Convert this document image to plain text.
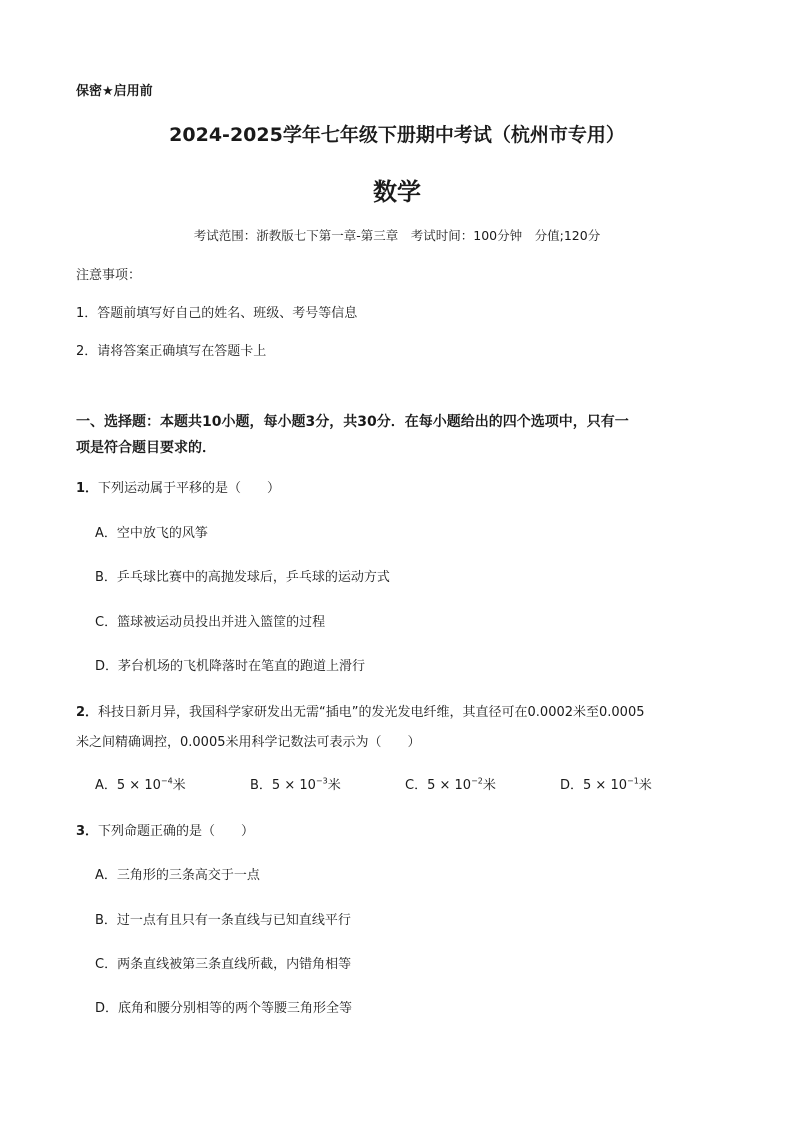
保密★启用前
2024-2025学年七年级下册期中考试（杭州市专用）
数学
考试范围：浙教版七下第一章-第三章　考试时间：100分钟　分值;120分
注意事项：
1．答题前填写好自己的姓名、班级、考号等信息
2．请将答案正确填写在答题卡上
一、选择题：本题共10小题，每小题3分，共30分．在每小题给出的四个选项中，只有一
项是符合题目要求的．
1．下列运动属于平移的是（　　）
A．空中放飞的风筝
B．乒乓球比赛中的高抛发球后，乒乓球的运动方式
C．篮球被运动员投出并进入篮筐的过程
D．茅台机场的飞机降落时在笔直的跑道上滑行
2．科技日新月异，我国科学家研发出无需“插电”的发光发电纤维，其直径可在0.0002米至0.0005
米之间精确调控，0.0005米用科学记数法可表示为（　　）
A．$5 \times 10^{-4}$米	B．$5 \times 10^{-3}$米	C．$5 \times 10^{-2}$米	D．$5 \times 10^{-1}$米
3．下列命题正确的是（　　）
A．三角形的三条高交于一点
B．过一点有且只有一条直线与已知直线平行
C．两条直线被第三条直线所截，内错角相等
D．底角和腰分别相等的两个等腰三角形全等
